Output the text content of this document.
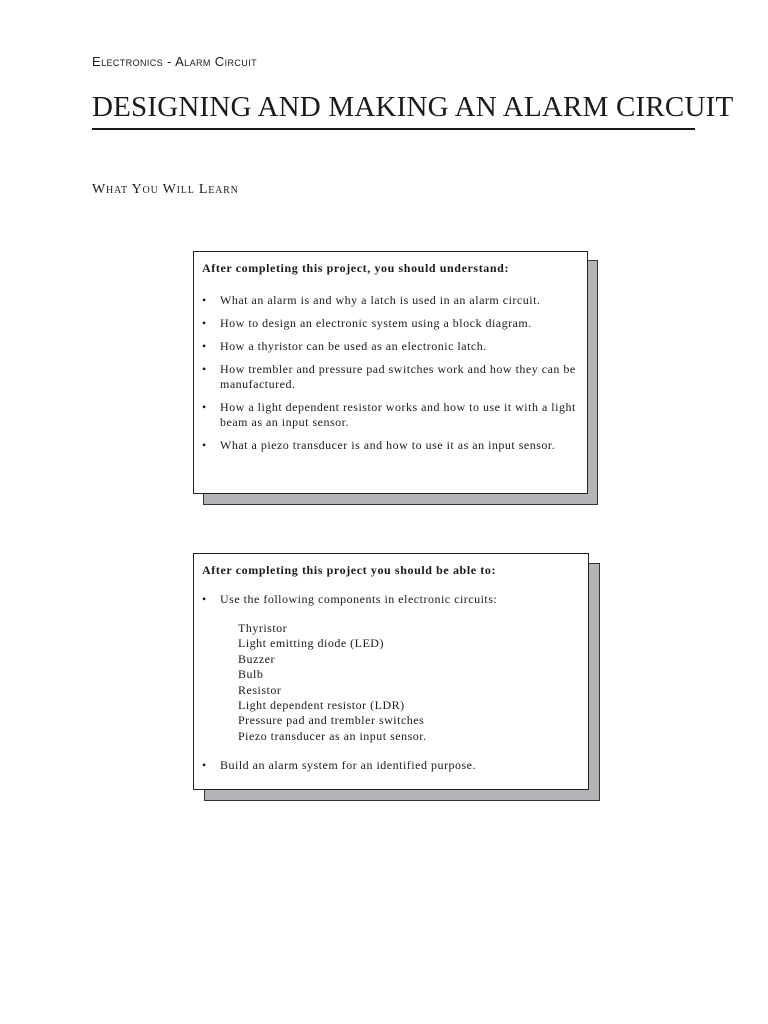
Electronics - Alarm Circuit
DESIGNING AND MAKING AN ALARM CIRCUIT
What You Will Learn
After completing this project, you should understand:
• What an alarm is and why a latch is used in an alarm circuit.
• How to design an electronic system using a block diagram.
• How a thyristor can be used as an electronic latch.
• How trembler and pressure pad switches work and how they can be manufactured.
• How a light dependent resistor works and how to use it with a light beam as an input sensor.
• What a piezo transducer is and how to use it as an input sensor.
After completing this project you should be able to:
• Use the following components in electronic circuits:
Thyristor
Light emitting diode (LED)
Buzzer
Bulb
Resistor
Light dependent resistor (LDR)
Pressure pad and trembler switches
Piezo transducer as an input sensor.
• Build an alarm system for an identified purpose.
